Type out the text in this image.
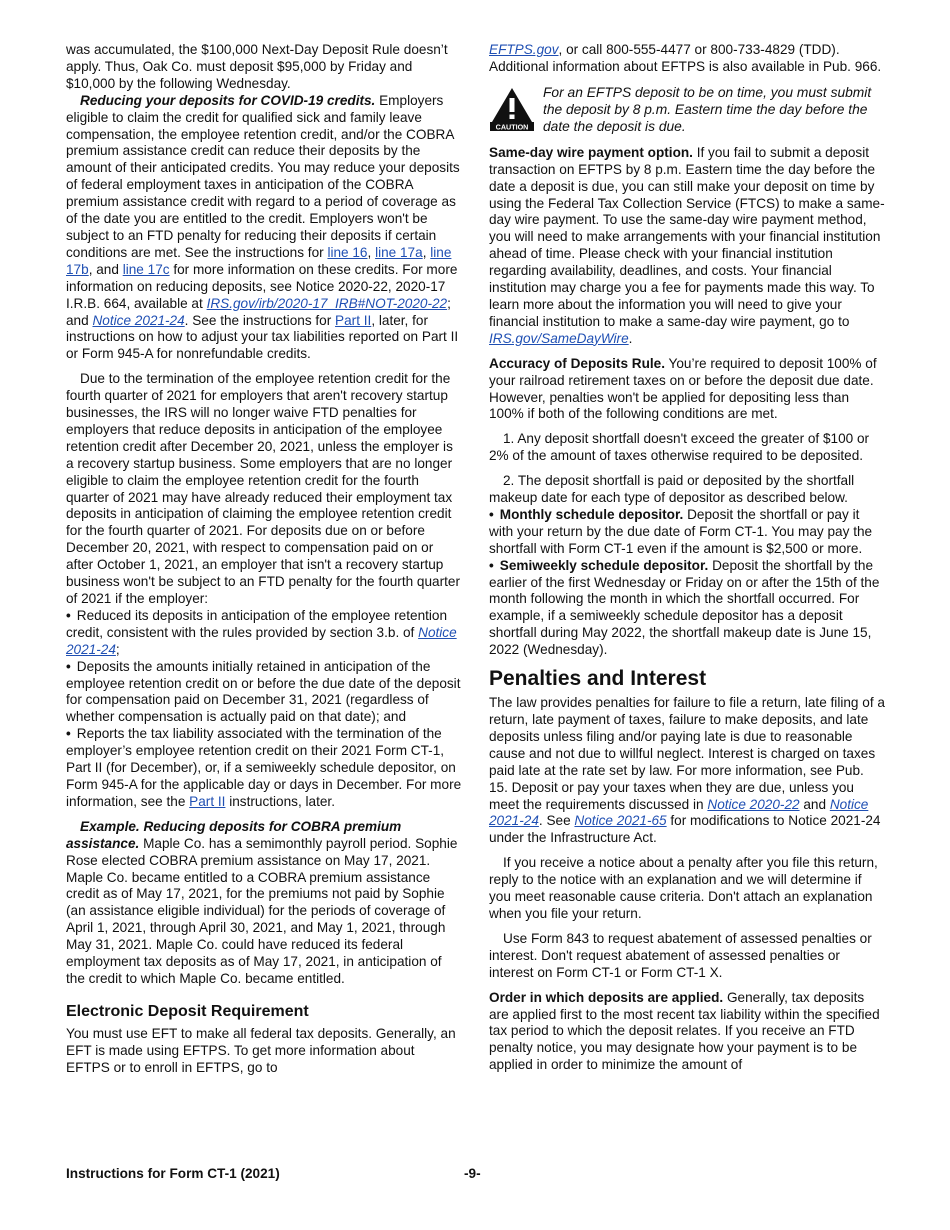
was accumulated, the $100,000 Next-Day Deposit Rule doesn’t apply. Thus, Oak Co. must deposit $95,000 by Friday and $10,000 by the following Wednesday.

Reducing your deposits for COVID-19 credits. Employers eligible to claim the credit for qualified sick and family leave compensation, the employee retention credit, and/or the COBRA premium assistance credit can reduce their deposits by the amount of their anticipated credits. You may reduce your deposits of federal employment taxes in anticipation of the COBRA premium assistance credit with regard to a period of coverage as of the date you are entitled to the credit. Employers won't be subject to an FTD penalty for reducing their deposits if certain conditions are met. See the instructions for line 16, line 17a, line 17b, and line 17c for more information on these credits. For more information on reducing deposits, see Notice 2020-22, 2020-17 I.R.B. 664, available at IRS.gov/irb/2020-17_IRB#NOT-2020-22; and Notice 2021-24. See the instructions for Part II, later, for instructions on how to adjust your tax liabilities reported on Part II or Form 945-A for nonrefundable credits.

Due to the termination of the employee retention credit for the fourth quarter of 2021 for employers that aren't recovery startup businesses, the IRS will no longer waive FTD penalties for employers that reduce deposits in anticipation of the employee retention credit after December 20, 2021, unless the employer is a recovery startup business. Some employers that are no longer eligible to claim the employee retention credit for the fourth quarter of 2021 may have already reduced their employment tax deposits in anticipation of claiming the employee retention credit for the fourth quarter of 2021. For deposits due on or before December 20, 2021, with respect to compensation paid on or after October 1, 2021, an employer that isn't a recovery startup business won't be subject to an FTD penalty for the fourth quarter of 2021 if the employer:

• Reduced its deposits in anticipation of the employee retention credit, consistent with the rules provided by section 3.b. of Notice 2021-24;

• Deposits the amounts initially retained in anticipation of the employee retention credit on or before the due date of the deposit for compensation paid on December 31, 2021 (regardless of whether compensation is actually paid on that date); and

• Reports the tax liability associated with the termination of the employer’s employee retention credit on their 2021 Form CT-1, Part II (for December), or, if a semiweekly schedule depositor, on Form 945-A for the applicable day or days in December. For more information, see the Part II instructions, later.

Example. Reducing deposits for COBRA premium assistance. Maple Co. has a semimonthly payroll period. Sophie Rose elected COBRA premium assistance on May 17, 2021. Maple Co. became entitled to a COBRA premium assistance credit as of May 17, 2021, for the premiums not paid by Sophie (an assistance eligible individual) for the periods of coverage of April 1, 2021, through April 30, 2021, and May 1, 2021, through May 31, 2021. Maple Co. could have reduced its federal employment tax deposits as of May 17, 2021, in anticipation of the credit to which Maple Co. became entitled.

Electronic Deposit Requirement

You must use EFT to make all federal tax deposits. Generally, an EFT is made using EFTPS. To get more information about EFTPS or to enroll in EFTPS, go to

EFTPS.gov, or call 800-555-4477 or 800-733-4829 (TDD). Additional information about EFTPS is also available in Pub. 966.

CAUTION

For an EFTPS deposit to be on time, you must submit the deposit by 8 p.m. Eastern time the day before the date the deposit is due.

Same-day wire payment option. If you fail to submit a deposit transaction on EFTPS by 8 p.m. Eastern time the day before the date a deposit is due, you can still make your deposit on time by using the Federal Tax Collection Service (FTCS) to make a same-day wire payment. To use the same-day wire payment method, you will need to make arrangements with your financial institution ahead of time. Please check with your financial institution regarding availability, deadlines, and costs. Your financial institution may charge you a fee for payments made this way. To learn more about the information you will need to give your financial institution to make a same-day wire payment, go to IRS.gov/SameDayWire.

Accuracy of Deposits Rule. You’re required to deposit 100% of your railroad retirement taxes on or before the deposit due date. However, penalties won't be applied for depositing less than 100% if both of the following conditions are met.

1. Any deposit shortfall doesn't exceed the greater of $100 or 2% of the amount of taxes otherwise required to be deposited.

2. The deposit shortfall is paid or deposited by the shortfall makeup date for each type of depositor as described below.

• Monthly schedule depositor. Deposit the shortfall or pay it with your return by the due date of Form CT-1. You may pay the shortfall with Form CT-1 even if the amount is $2,500 or more.

• Semiweekly schedule depositor. Deposit the shortfall by the earlier of the first Wednesday or Friday on or after the 15th of the month following the month in which the shortfall occurred. For example, if a semiweekly schedule depositor has a deposit shortfall during May 2022, the shortfall makeup date is June 15, 2022 (Wednesday).

Penalties and Interest

The law provides penalties for failure to file a return, late filing of a return, late payment of taxes, failure to make deposits, and late deposits unless filing and/or paying late is due to reasonable cause and not due to willful neglect. Interest is charged on taxes paid late at the rate set by law. For more information, see Pub. 15. Deposit or pay your taxes when they are due, unless you meet the requirements discussed in Notice 2020-22 and Notice 2021-24. See Notice 2021-65 for modifications to Notice 2021-24 under the Infrastructure Act.

If you receive a notice about a penalty after you file this return, reply to the notice with an explanation and we will determine if you meet reasonable cause criteria. Don't attach an explanation when you file your return.

Use Form 843 to request abatement of assessed penalties or interest. Don't request abatement of assessed penalties or interest on Form CT-1 or Form CT-1 X.

Order in which deposits are applied. Generally, tax deposits are applied first to the most recent tax liability within the specified tax period to which the deposit relates. If you receive an FTD penalty notice, you may designate how your payment is to be applied in order to minimize the amount of

Instructions for Form CT-1 (2021)	-9-
